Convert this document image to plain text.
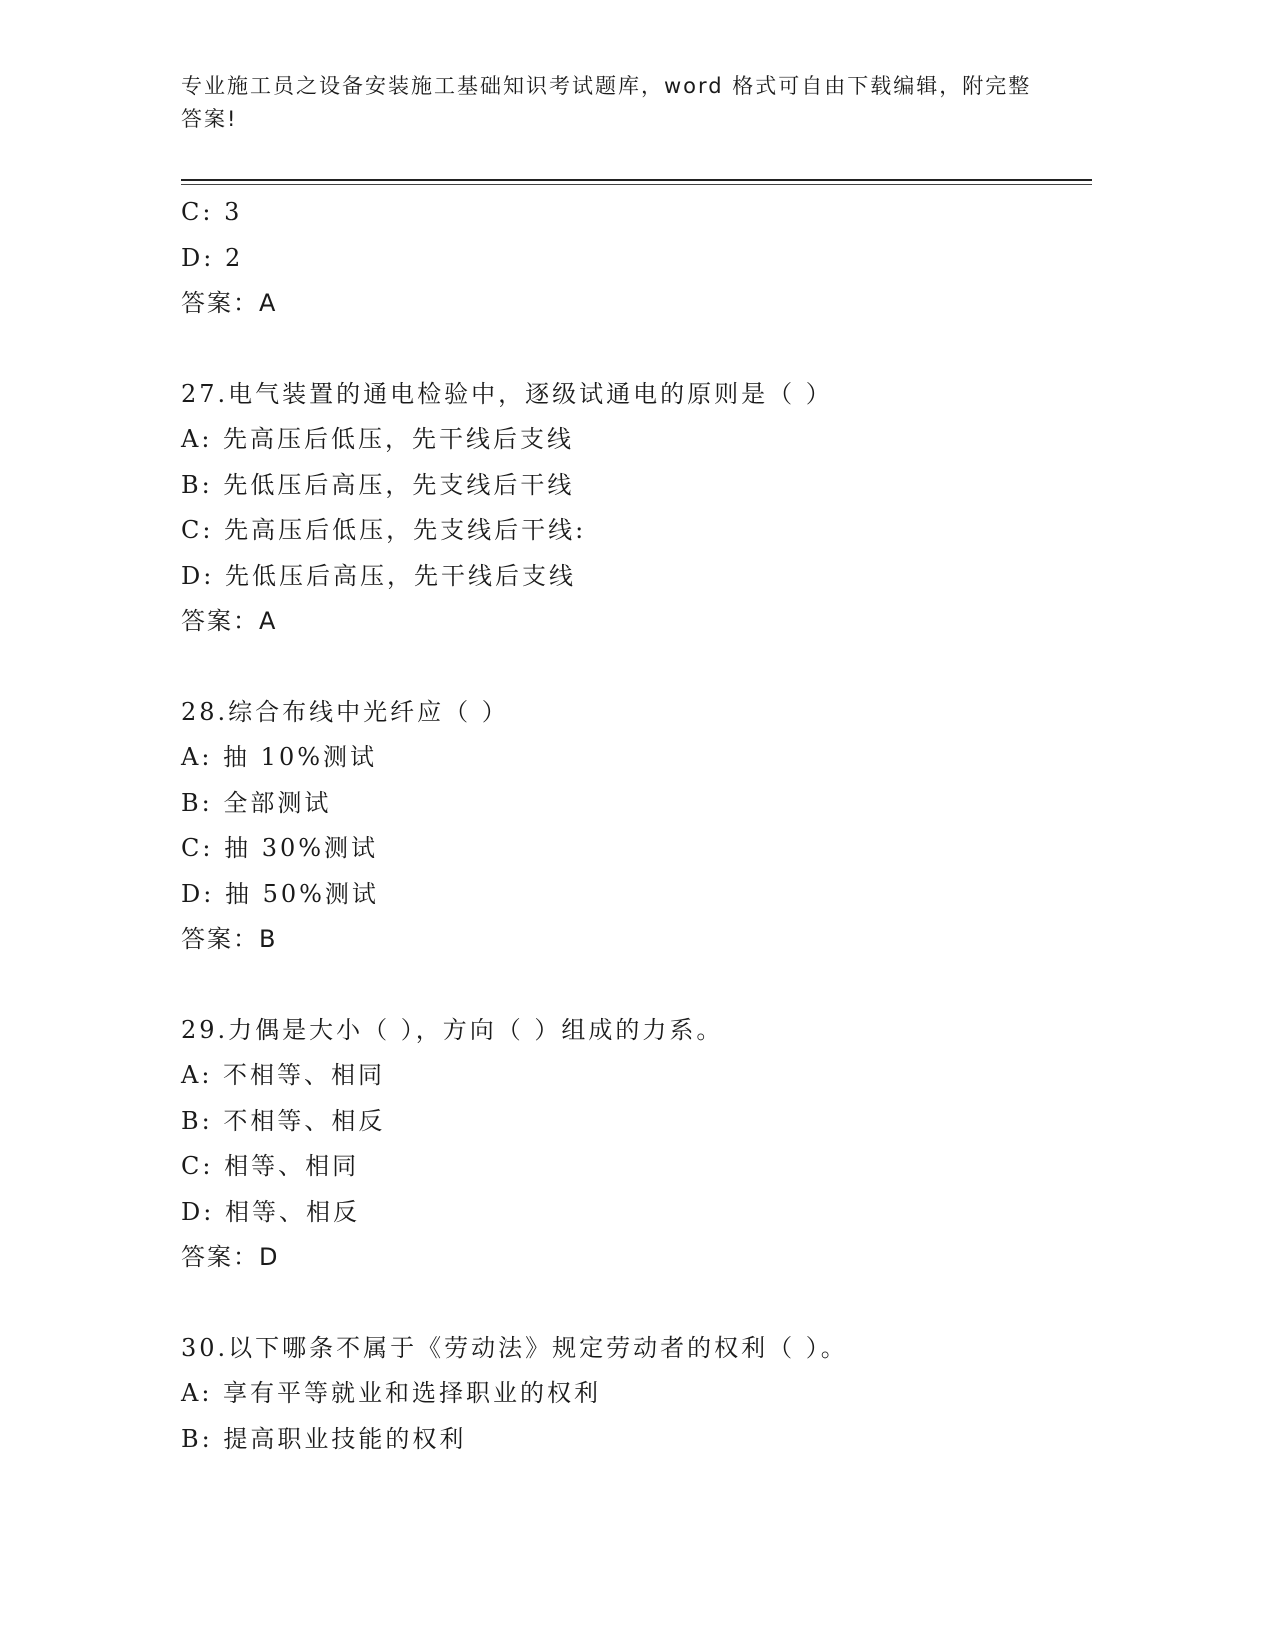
专业施工员之设备安装施工基础知识考试题库，word 格式可自由下载编辑，附完整答案!
C: 3
D: 2
答案：A
27.电气装置的通电检验中，逐级试通电的原则是（ ）
A: 先高压后低压，先干线后支线
B: 先低压后高压，先支线后干线
C: 先高压后低压，先支线后干线:
D: 先低压后高压，先干线后支线
答案：A
28.综合布线中光纤应（ ）
A: 抽 10%测试
B: 全部测试
C: 抽 30%测试
D: 抽 50%测试
答案：B
29.力偶是大小（ ），方向（ ）组成的力系。
A: 不相等、相同
B: 不相等、相反
C: 相等、相同
D: 相等、相反
答案：D
30.以下哪条不属于《劳动法》规定劳动者的权利（ ）。
A: 享有平等就业和选择职业的权利
B: 提高职业技能的权利
